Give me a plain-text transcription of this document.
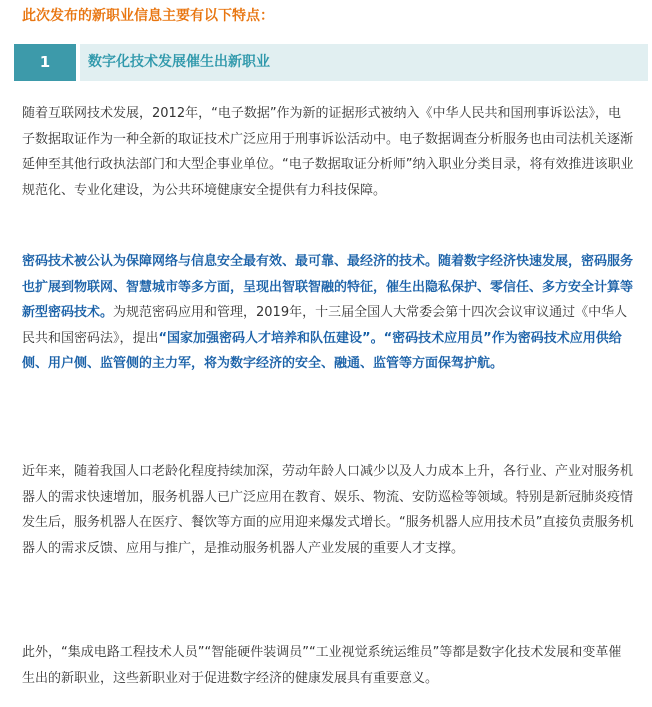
此次发布的新职业信息主要有以下特点：
1	数字化技术发展催生出新职业

随着互联网技术发展，2012年，“电子数据”作为新的证据形式被纳入《中华人民共和国刑事诉讼法》，电子数据取证作为一种全新的取证技术广泛应用于刑事诉讼活动中。电子数据调查分析服务也由司法机关逐渐延伸至其他行政执法部门和大型企事业单位。“电子数据取证分析师”纳入职业分类目录，将有效推进该职业规范化、专业化建设，为公共环境健康安全提供有力科技保障。

密码技术被公认为保障网络与信息安全最有效、最可靠、最经济的技术。随着数字经济快速发展，密码服务也扩展到物联网、智慧城市等多方面，呈现出智联智融的特征，催生出隐私保护、零信任、多方安全计算等新型密码技术。为规范密码应用和管理，2019年，十三届全国人大常委会第十四次会议审议通过《中华人民共和国密码法》，提出“国家加强密码人才培养和队伍建设”。“密码技术应用员”作为密码技术应用供给侧、用户侧、监管侧的主力军，将为数字经济的安全、融通、监管等方面保驾护航。

近年来，随着我国人口老龄化程度持续加深，劳动年龄人口减少以及人力成本上升，各行业、产业对服务机器人的需求快速增加，服务机器人已广泛应用在教育、娱乐、物流、安防巡检等领域。特别是新冠肺炎疫情发生后，服务机器人在医疗、餐饮等方面的应用迎来爆发式增长。“服务机器人应用技术员”直接负责服务机器人的需求反馈、应用与推广，是推动服务机器人产业发展的重要人才支撑。

此外，“集成电路工程技术人员”“智能硬件装调员”“工业视觉系统运维员”等都是数字化技术发展和变革催生出的新职业，这些新职业对于促进数字经济的健康发展具有重要意义。
